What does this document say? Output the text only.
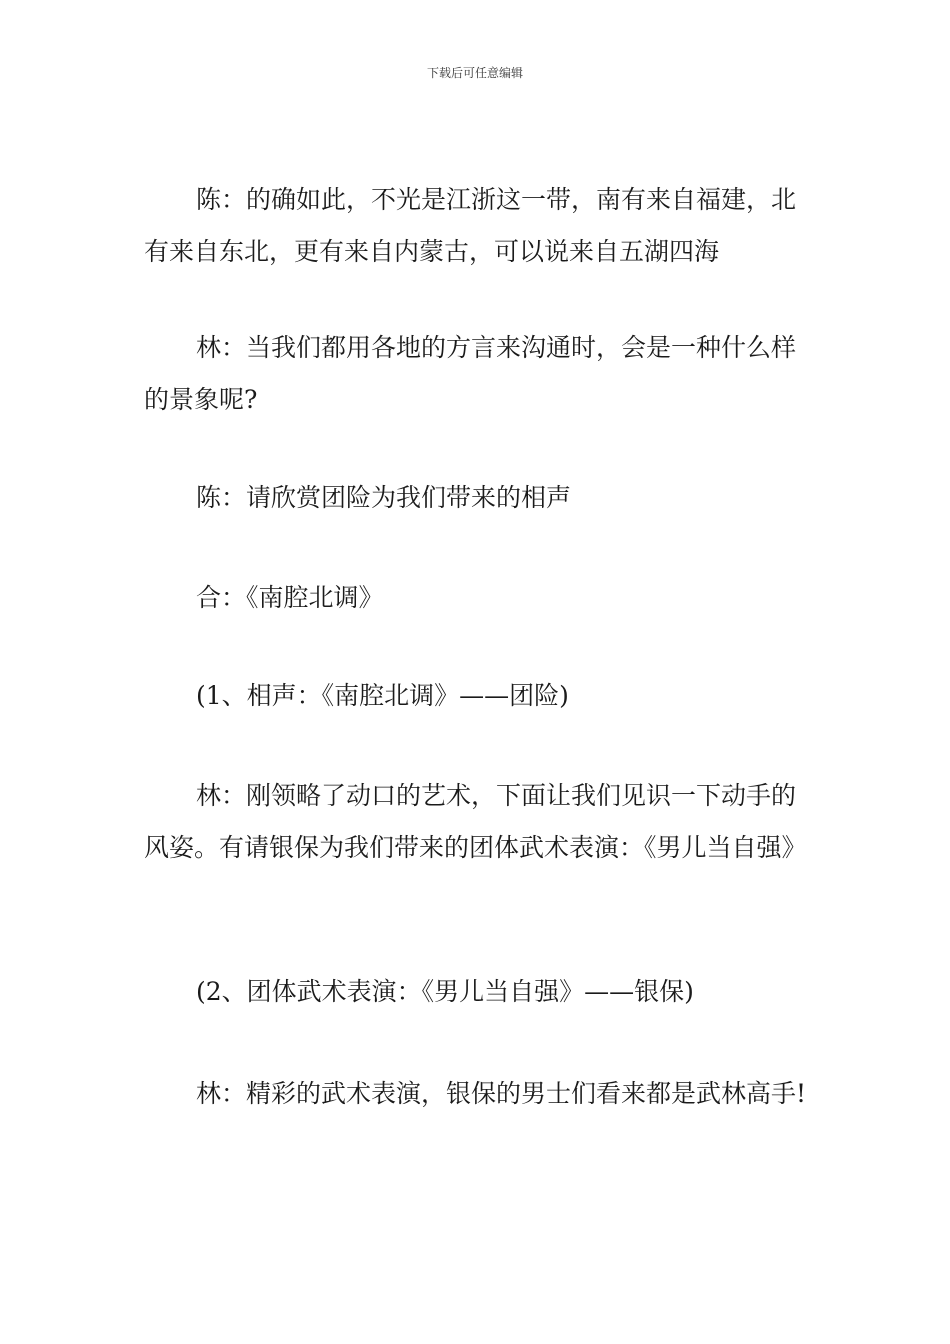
下载后可任意编辑

陈：的确如此，不光是江浙这一带，南有来自福建，北有来自东北，更有来自内蒙古，可以说来自五湖四海

林：当我们都用各地的方言来沟通时，会是一种什么样的景象呢?

陈：请欣赏团险为我们带来的相声

合：《南腔北调》

(1、相声：《南腔北调》——团险)

林：刚领略了动口的艺术，下面让我们见识一下动手的风姿。有请银保为我们带来的团体武术表演：《男儿当自强》

(2、团体武术表演：《男儿当自强》——银保)

林：精彩的武术表演，银保的男士们看来都是武林高手!
